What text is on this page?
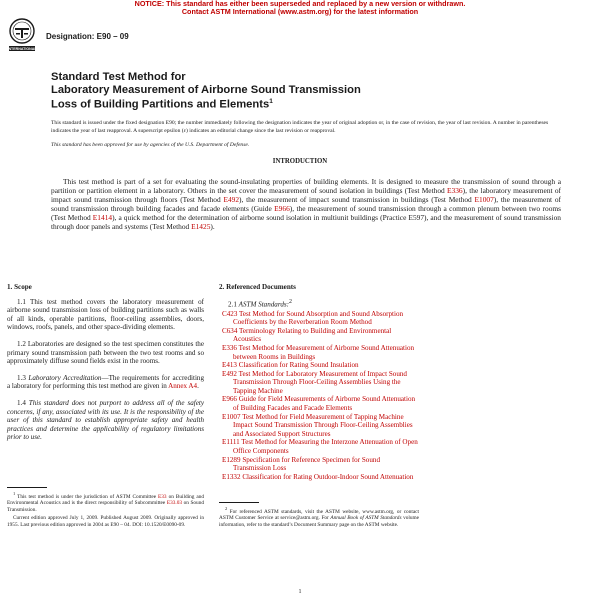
NOTICE: This standard has either been superseded and replaced by a new version or withdrawn.
Contact ASTM International (www.astm.org) for the latest information
INTERNATIONAL
Designation: E90 – 09
Standard Test Method for
Laboratory Measurement of Airborne Sound Transmission
Loss of Building Partitions and Elements$^1$
This standard is issued under the fixed designation E90; the number immediately following the designation indicates the year of original adoption or, in the case of revision, the year of last revision. A number in parentheses indicates the year of last reapproval. A superscript epsilon (ε) indicates an editorial change since the last revision or reapproval.
This standard has been approved for use by agencies of the U.S. Department of Defense.
INTRODUCTION
This test method is part of a set for evaluating the sound-insulating properties of building elements. It is designed to measure the transmission of sound through a partition or partition element in a laboratory. Others in the set cover the measurement of sound isolation in buildings (Test Method E336), the laboratory measurement of impact sound transmission through floors (Test Method E492), the measurement of impact sound transmission in buildings (Test Method E1007), the measurement of sound transmission through building facades and facade elements (Guide E966), the measurement of sound transmission through a common plenum between two rooms (Test Method E1414), a quick method for the determination of airborne sound isolation in multiunit buildings (Practice E597), and the measurement of sound transmission through door panels and systems (Test Method E1425).
1. Scope

1.1 This test method covers the laboratory measurement of airborne sound transmission loss of building partitions such as walls of all kinds, operable partitions, floor-ceiling assemblies, doors, windows, roofs, panels, and other space-dividing elements.

1.2 Laboratories are designed so the test specimen constitutes the primary sound transmission path between the two test rooms and so approximately diffuse sound fields exist in the rooms.

1.3 Laboratory Accreditation—The requirements for accrediting a laboratory for performing this test method are given in Annex A4.

1.4 This standard does not purport to address all of the safety concerns, if any, associated with its use. It is the responsibility of the user of this standard to establish appropriate safety and health practices and determine the applicability of regulatory limitations prior to use.

2. Referenced Documents
2.1 ASTM Standards:$^2$
C423 Test Method for Sound Absorption and Sound Absorption Coefficients by the Reverberation Room Method
C634 Terminology Relating to Building and Environmental Acoustics
E336 Test Method for Measurement of Airborne Sound Attenuation between Rooms in Buildings
E413 Classification for Rating Sound Insulation
E492 Test Method for Laboratory Measurement of Impact Sound Transmission Through Floor-Ceiling Assemblies Using the Tapping Machine
E966 Guide for Field Measurements of Airborne Sound Attenuation of Building Facades and Facade Elements
E1007 Test Method for Field Measurement of Tapping Machine Impact Sound Transmission Through Floor-Ceiling Assemblies and Associated Support Structures
E1111 Test Method for Measuring the Interzone Attenuation of Open Office Components
E1289 Specification for Reference Specimen for Sound Transmission Loss
E1332 Classification for Rating Outdoor-Indoor Sound Attenuation

$^1$ This test method is under the jurisdiction of ASTM Committee E33 on Building and Environmental Acoustics and is the direct responsibility of Subcommittee E33.03 on Sound Transmission.

Current edition approved July 1, 2009. Published August 2009. Originally approved in 1955. Last previous edition approved in 2004 as E90 – 04. DOI: 10.1520/E0090-09.

$^2$ For referenced ASTM standards, visit the ASTM website, www.astm.org, or contact ASTM Customer Service at service@astm.org. For Annual Book of ASTM Standards volume information, refer to the standard’s Document Summary page on the ASTM website.

1
